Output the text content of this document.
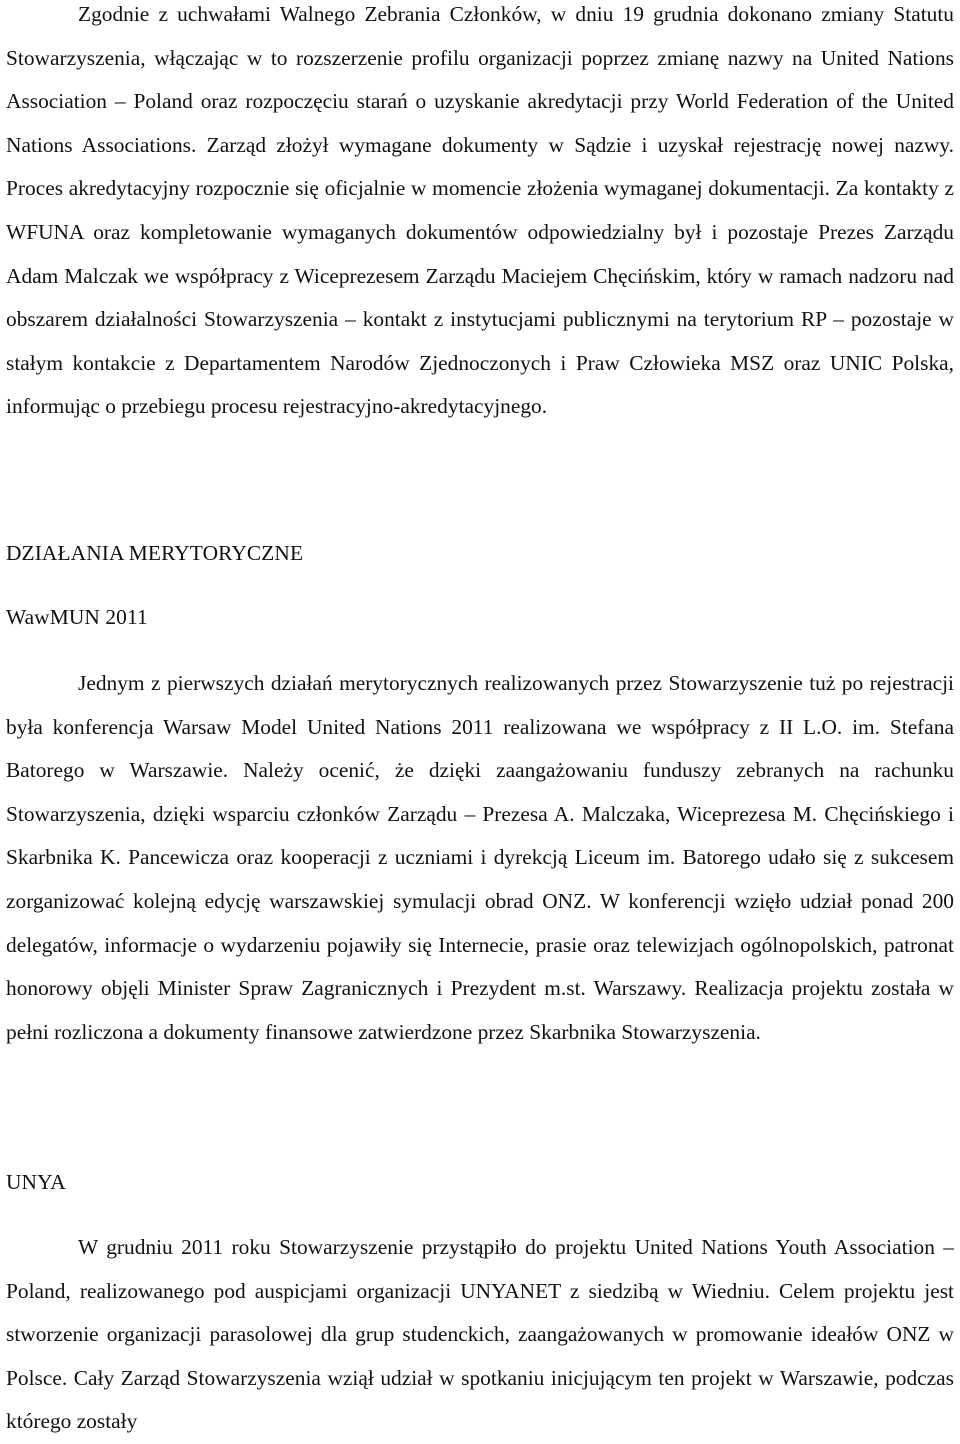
Zgodnie z uchwałami Walnego Zebrania Członków, w dniu 19 grudnia dokonano zmiany Statutu Stowarzyszenia, włączając w to rozszerzenie profilu organizacji poprzez zmianę nazwy na United Nations Association – Poland oraz rozpoczęciu starań o uzyskanie akredytacji przy World Federation of the United Nations Associations. Zarząd złożył wymagane dokumenty w Sądzie i uzyskał rejestrację nowej nazwy. Proces akredytacyjny rozpocznie się oficjalnie w momencie złożenia wymaganej dokumentacji. Za kontakty z WFUNA oraz kompletowanie wymaganych dokumentów odpowiedzialny był i pozostaje Prezes Zarządu Adam Malczak we współpracy z Wiceprezesem Zarządu Maciejem Chęcińskim, który w ramach nadzoru nad obszarem działalności Stowarzyszenia – kontakt z instytucjami publicznymi na terytorium RP – pozostaje w stałym kontakcie z Departamentem Narodów Zjednoczonych i Praw Człowieka MSZ oraz UNIC Polska, informując o przebiegu procesu rejestracyjno-akredytacyjnego.

DZIAŁANIA MERYTORYCZNE
WawMUN 2011

Jednym z pierwszych działań merytorycznych realizowanych przez Stowarzyszenie tuż po rejestracji była konferencja Warsaw Model United Nations 2011 realizowana we współpracy z II L.O. im. Stefana Batorego w Warszawie. Należy ocenić, że dzięki zaangażowaniu funduszy zebranych na rachunku Stowarzyszenia, dzięki wsparciu członków Zarządu – Prezesa A. Malczaka, Wiceprezesa M. Chęcińskiego i Skarbnika K. Pancewicza oraz kooperacji z uczniami i dyrekcją Liceum im. Batorego udało się z sukcesem zorganizować kolejną edycję warszawskiej symulacji obrad ONZ. W konferencji wzięło udział ponad 200 delegatów, informacje o wydarzeniu pojawiły się Internecie, prasie oraz telewizjach ogólnopolskich, patronat honorowy objęli Minister Spraw Zagranicznych i Prezydent m.st. Warszawy. Realizacja projektu została w pełni rozliczona a dokumenty finansowe zatwierdzone przez Skarbnika Stowarzyszenia.

UNYA

W grudniu 2011 roku Stowarzyszenie przystąpiło do projektu United Nations Youth Association – Poland, realizowanego pod auspicjami organizacji UNYANET z siedzibą w Wiedniu. Celem projektu jest stworzenie organizacji parasolowej dla grup studenckich, zaangażowanych w promowanie ideałów ONZ w Polsce. Cały Zarząd Stowarzyszenia wziął udział w spotkaniu inicjującym ten projekt w Warszawie, podczas którego zostały
